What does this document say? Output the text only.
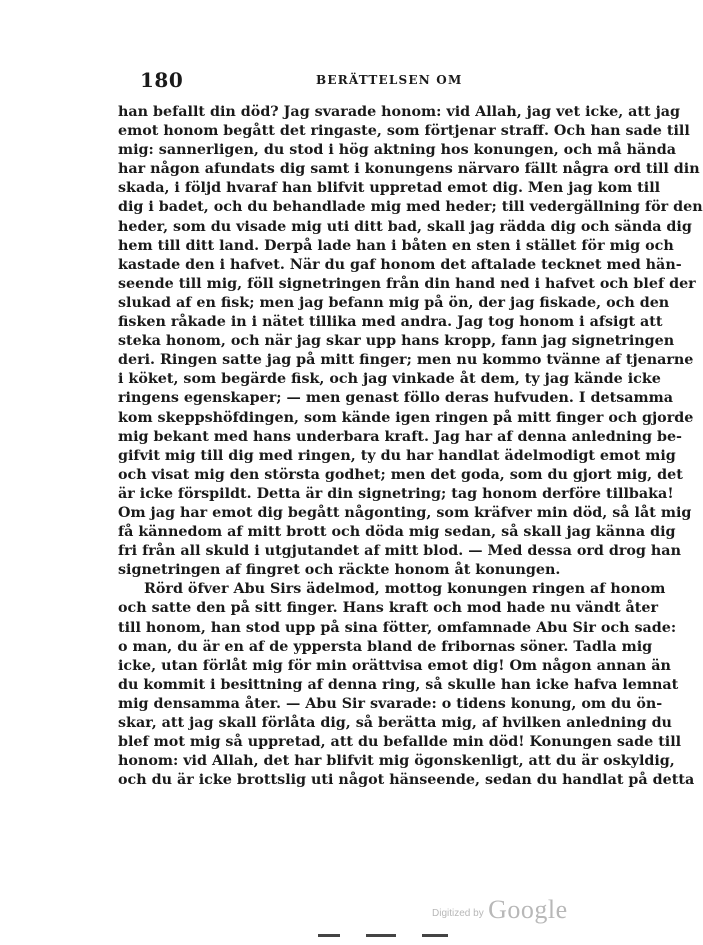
180	BERÄTTELSEN OM
han befallt din död? Jag svarade honom: vid Allah, jag vet icke, att jag
emot honom begått det ringaste, som förtjenar straff. Och han sade till
mig: sannerligen, du stod i hög aktning hos konungen, och må hända
har någon afundats dig samt i konungens närvaro fällt några ord till din
skada, i följd hvaraf han blifvit uppretad emot dig. Men jag kom till
dig i badet, och du behandlade mig med heder; till vedergällning för den
heder, som du visade mig uti ditt bad, skall jag rädda dig och sända dig
hem till ditt land. Derpå lade han i båten en sten i stället för mig och
kastade den i hafvet. När du gaf honom det aftalade tecknet med hän-
seende till mig, föll signetringen från din hand ned i hafvet och blef der
slukad af en fisk; men jag befann mig på ön, der jag fiskade, och den
fisken råkade in i nätet tillika med andra. Jag tog honom i afsigt att
steka honom, och när jag skar upp hans kropp, fann jag signetringen
deri. Ringen satte jag på mitt finger; men nu kommo tvänne af tjenarne
i köket, som begärde fisk, och jag vinkade åt dem, ty jag kände icke
ringens egenskaper; — men genast föllo deras hufvuden. I detsamma
kom skeppshöfdingen, som kände igen ringen på mitt finger och gjorde
mig bekant med hans underbara kraft. Jag har af denna anledning be-
gifvit mig till dig med ringen, ty du har handlat ädelmodigt emot mig
och visat mig den största godhet; men det goda, som du gjort mig, det
är icke förspildt. Detta är din signetring; tag honom derföre tillbaka!
Om jag har emot dig begått någonting, som kräfver min död, så låt mig
få kännedom af mitt brott och döda mig sedan, så skall jag känna dig
fri från all skuld i utgjutandet af mitt blod. — Med dessa ord drog han
signetringen af fingret och räckte honom åt konungen.
Rörd öfver Abu Sirs ädelmod, mottog konungen ringen af honom
och satte den på sitt finger. Hans kraft och mod hade nu vändt åter
till honom, han stod upp på sina fötter, omfamnade Abu Sir och sade:
o man, du är en af de yppersta bland de fribornas söner. Tadla mig
icke, utan förlåt mig för min orättvisa emot dig! Om någon annan än
du kommit i besittning af denna ring, så skulle han icke hafva lemnat
mig densamma åter. — Abu Sir svarade: o tidens konung, om du ön-
skar, att jag skall förlåta dig, så berätta mig, af hvilken anledning du
blef mot mig så uppretad, att du befallde min död! Konungen sade till
honom: vid Allah, det har blifvit mig ögonskenligt, att du är oskyldig,
och du är icke brottslig uti något hänseende, sedan du handlat på detta
Digitized by Google
